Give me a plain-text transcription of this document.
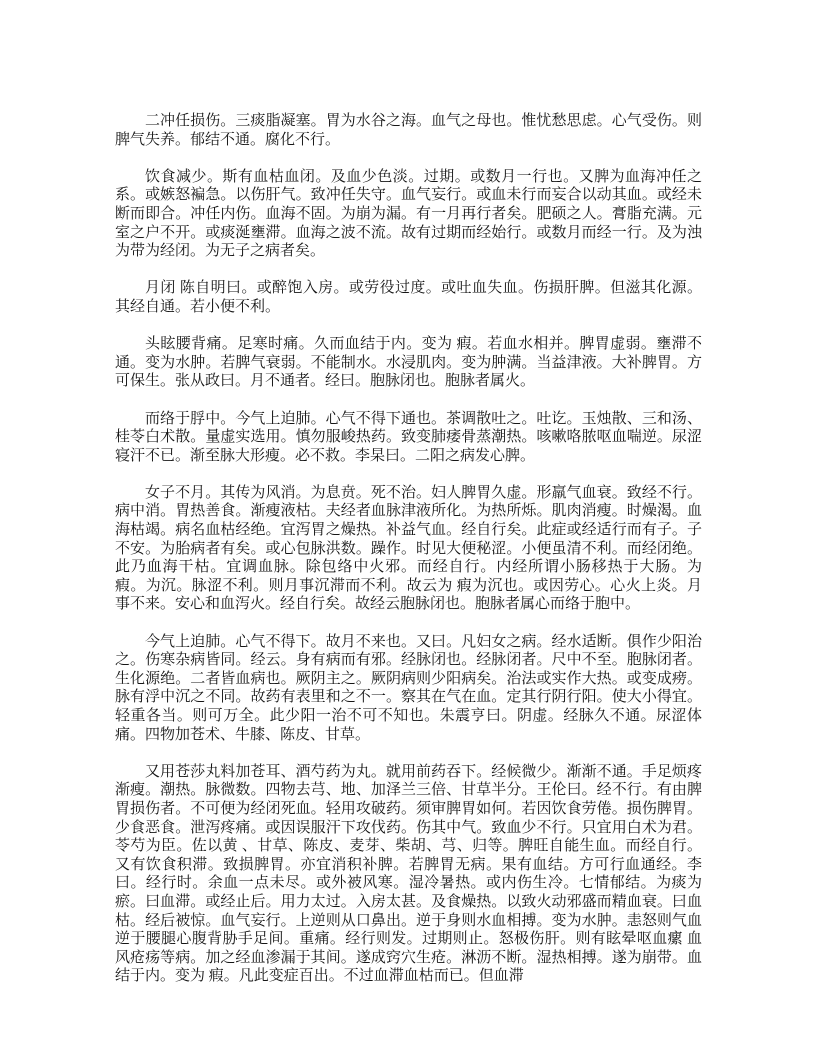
二冲任损伤。三痰脂凝塞。胃为水谷之海。血气之母也。惟忧愁思虑。心气受伤。则脾气失养。郁结不通。腐化不行。

饮食减少。斯有血枯血闭。及血少色淡。过期。或数月一行也。又脾为血海冲任之系。或嫉怒褊急。以伤肝气。致冲任失守。血气妄行。或血未行而妄合以动其血。或经未断而即合。冲任内伤。血海不固。为崩为漏。有一月再行者矣。肥硕之人。膏脂充满。元室之户不开。或痰涎壅滞。血海之波不流。故有过期而经始行。或数月而经一行。及为浊为带为经闭。为无子之病者矣。

月闭 陈自明曰。或醉饱入房。或劳役过度。或吐血失血。伤损肝脾。但滋其化源。其经自通。若小便不利。

头眩腰背痛。足寒时痛。久而血结于内。变为 瘕。若血水相并。脾胃虚弱。壅滞不通。变为水肿。若脾气衰弱。不能制水。水浸肌肉。变为肿满。当益津液。大补脾胃。方可保生。张从政曰。月不通者。经曰。胞脉闭也。胞脉者属火。

而络于脬中。今气上迫肺。心气不得下通也。茶调散吐之。吐讫。玉烛散、三和汤、桂苓白术散。量虚实选用。慎勿服峻热药。致变肺痿骨蒸潮热。咳嗽咯脓呕血喘逆。尿涩寝汗不已。渐至脉大形瘦。必不救。李杲曰。二阳之病发心脾。

女子不月。其传为风消。为息贲。死不治。妇人脾胃久虚。形羸气血衰。致经不行。病中消。胃热善食。渐瘦液枯。夫经者血脉津液所化。为热所烁。肌肉消瘦。时燥渴。血海枯竭。病名血枯经绝。宜泻胃之燥热。补益气血。经自行矣。此症或经适行而有子。子不安。为胎病者有矣。或心包脉洪数。躁作。时见大便秘涩。小便虽清不利。而经闭绝。此乃血海干枯。宜调血脉。除包络中火邪。而经自行。内经所谓小肠移热于大肠。为 瘕。为沉。脉涩不利。则月事沉滞而不利。故云为 瘕为沉也。或因劳心。心火上炎。月事不来。安心和血泻火。经自行矣。故经云胞脉闭也。胞脉者属心而络于胞中。

今气上迫肺。心气不得下。故月不来也。又曰。凡妇女之病。经水适断。俱作少阳治之。伤寒杂病皆同。经云。身有病而有邪。经脉闭也。经脉闭者。尺中不至。胞脉闭者。生化源绝。二者皆血病也。厥阴主之。厥阴病则少阳病矣。治法或实作大热。或变成痨。脉有浮中沉之不同。故药有表里和之不一。察其在气在血。定其行阴行阳。使大小得宜。轻重各当。则可万全。此少阳一治不可不知也。朱震亨曰。阴虚。经脉久不通。尿涩体痛。四物加苍术、牛膝、陈皮、甘草。

又用苍莎丸料加苍耳、酒芍药为丸。就用前药吞下。经候微少。渐渐不通。手足烦疼渐瘦。潮热。脉微数。四物去芎、地、加泽兰三倍、甘草半分。王伦曰。经不行。有由脾胃损伤者。不可便为经闭死血。轻用攻破药。须审脾胃如何。若因饮食劳倦。损伤脾胃。少食恶食。泄泻疼痛。或因误服汗下攻伐药。伤其中气。致血少不行。只宜用白术为君。苓芍为臣。佐以黄 、甘草、陈皮、麦芽、柴胡、芎、归等。脾旺自能生血。而经自行。又有饮食积滞。致损脾胃。亦宜消积补脾。若脾胃无病。果有血结。方可行血通经。李 曰。经行时。余血一点未尽。或外被风寒。湿冷暑热。或内伤生冷。七情郁结。为痰为瘀。曰血滞。或经止后。用力太过。入房太甚。及食燥热。以致火动邪盛而精血衰。曰血枯。经后被惊。血气妄行。上逆则从口鼻出。逆于身则水血相搏。变为水肿。恚怒则气血逆于腰腿心腹背胁手足间。重痛。经行则发。过期则止。怒极伤肝。则有眩晕呕血瘰 血风疮疡等病。加之经血渗漏于其间。遂成窍穴生疮。淋沥不断。湿热相搏。遂为崩带。血结于内。变为 瘕。凡此变症百出。不过血滞血枯而已。但血滞
